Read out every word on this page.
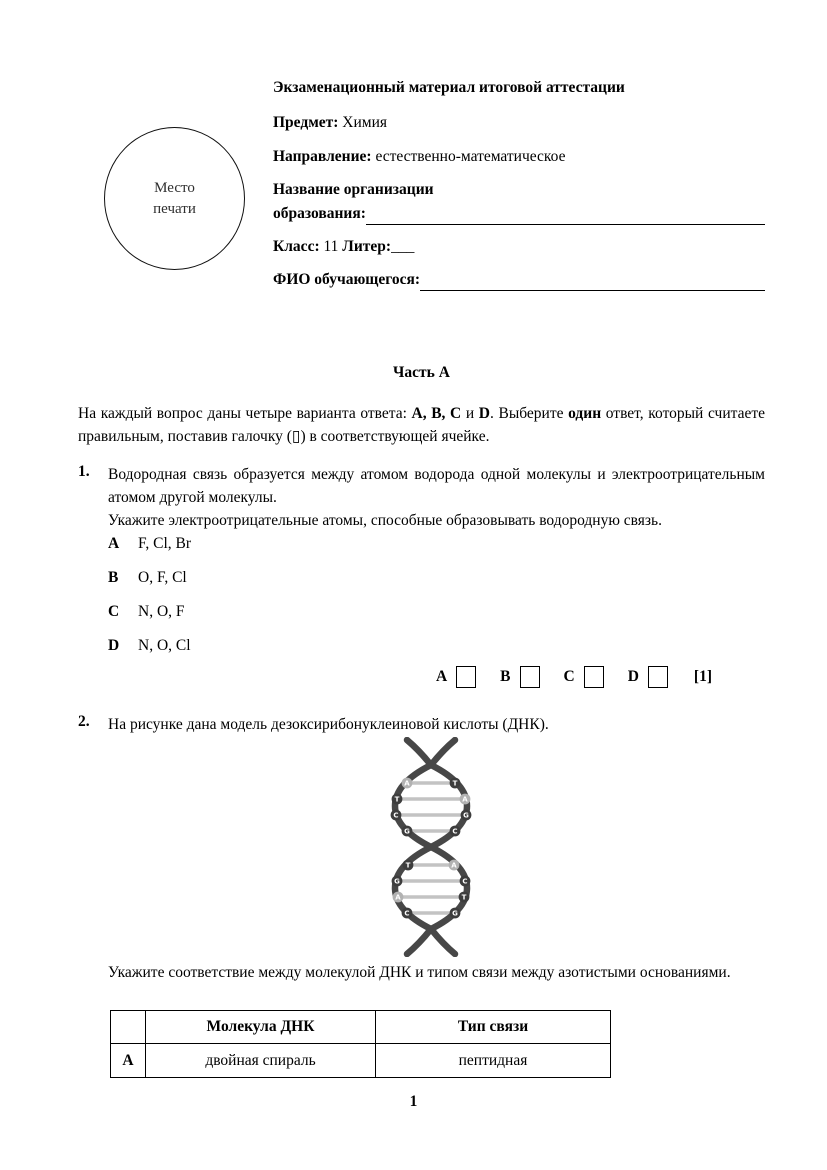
Место
печати
Экзаменационный материал итоговой аттестации
Предмет: Химия
Направление: естественно-математическое
Название организации
образования:
Класс: 11 Литер:___
ФИО обучающегося:
Часть А
На каждый вопрос даны четыре варианта ответа: A, B, C и D. Выберите один ответ, который считаете правильным, поставив галочку (▯) в соответствующей ячейке.
1. Водородная связь образуется между атомом водорода одной молекулы и электроотрицательным атомом другой молекулы.
Укажите электроотрицательные атомы, способные образовывать водородную связь.
A	F, Cl, Br
B	O, F, Cl
C	N, O, F
D	N, O, Cl
A	B	C	D	[1]
2. На рисунке дана модель дезоксирибонуклеиновой кислоты (ДНК).
A	T
T	A
C	G
G	C
T	A
G	C
A	T
C	G
Укажите соответствие между молекулой ДНК и типом связи между азотистыми основаниями.
	Молекула ДНК	Тип связи
A	двойная спираль	пептидная
1
